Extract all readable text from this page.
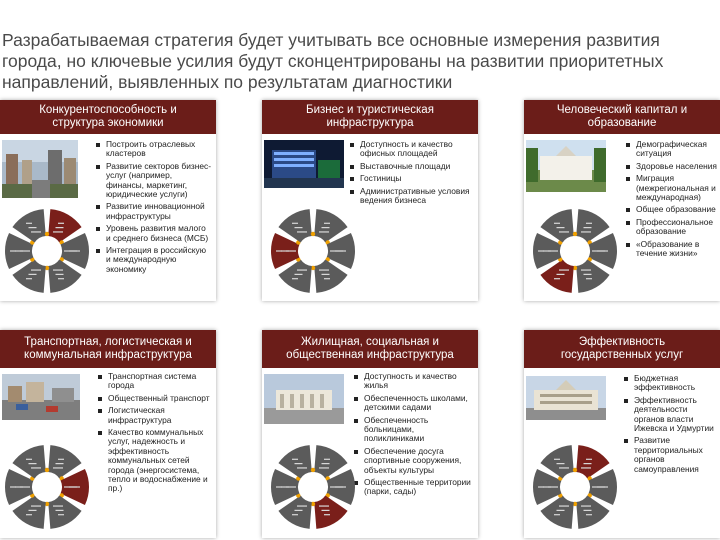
Разрабатываемая стратегия будет учитывать все основные измерения развития
города, но ключевые усилия будут сконцентрированы на развитии приоритетных
направлений, выявленных по результатам диагностики
Конкурентоспособность и
структура экономики
Построить отраслевых кластеров
Развитие секторов бизнес-услуг (например, финансы, маркетинг, юридические услуги)
Развитие инновационной инфраструктуры
Уровень развития малого и среднего бизнеса (МСБ)
Интеграция в российскую и международную экономику
Бизнес и туристическая
инфраструктура
Доступность и качество офисных площадей
Выставочные площади
Гостиницы
Административные условия ведения бизнеса
Человеческий капитал и
образование
Демографическая ситуация
Здоровье населения
Миграция (межрегиональная и международная)
Общее образование
Профессиональное образование
«Образование в течение жизни»
Транспортная, логистическая и
коммунальная инфраструктура
Транспортная система города
Общественный транспорт
Логистическая инфраструктура
Качество коммунальных услуг, надежность и эффективность коммунальных сетей города (энергосистема, тепло и водоснабжение и пр.)
Жилищная, социальная и
общественная инфраструктура
Доступность и качество жилья
Обеспеченность школами, детскими садами
Обеспеченность больницами, поликлиниками
Обеспечение досуга спортивные сооружения, объекты культуры
Общественные территории (парки, сады)
Эффективность
государственных услуг
Бюджетная эффективность
Эффективность деятельности органов власти Ижевска и Удмуртии
Развитие территориальных органов самоуправления
